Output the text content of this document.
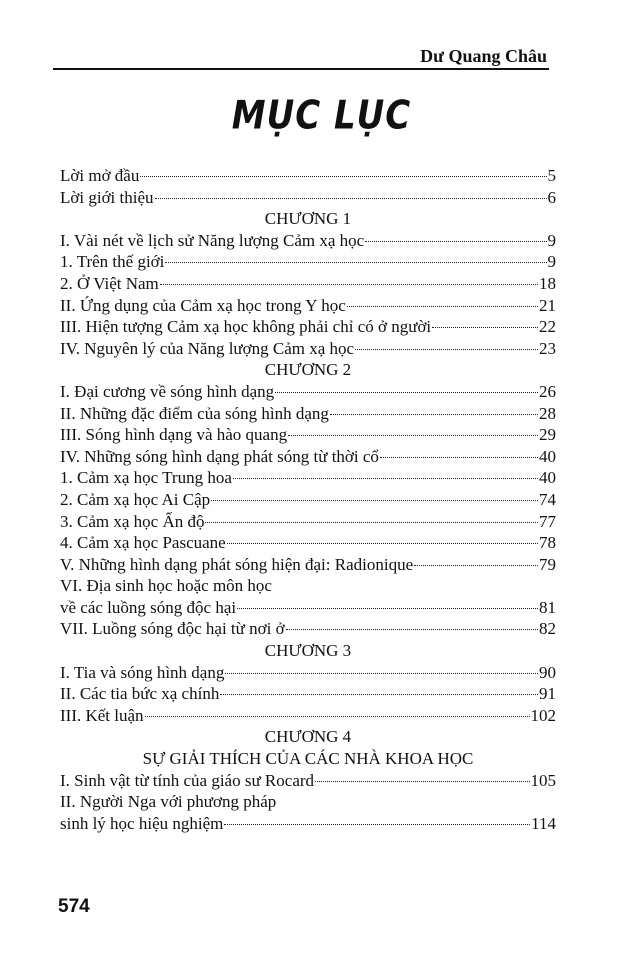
Dư Quang Châu
MỤC LỤC
Lời mở đầu	5
Lời giới thiệu	6
CHƯƠNG 1
I. Vài nét về lịch sử Năng lượng Cảm xạ học	9
1. Trên thế giới	9
2. Ở Việt Nam	18
II. Ứng dụng của Cảm xạ học trong Y học	21
III. Hiện tượng Cảm xạ học không phải chỉ có ở người	22
IV. Nguyên lý của Năng lượng Cảm xạ học	23
CHƯƠNG 2
I. Đại cương về sóng hình dạng	26
II. Những đặc điểm của sóng hình dạng	28
III. Sóng hình dạng và hào quang	29
IV. Những sóng hình dạng phát sóng từ thời cổ	40
1. Cảm xạ học Trung hoa	40
2. Cảm xạ học Ai Cập	74
3. Cảm xạ học Ấn độ	77
4. Cảm xạ học Pascuane	78
V. Những hình dạng phát sóng hiện đại: Radionique	79
VI. Địa sinh học hoặc môn học
về các luồng sóng độc hại	81
VII. Luồng sóng độc hại từ nơi ở	82
CHƯƠNG 3
I. Tia và sóng hình dạng	90
II. Các tia bức xạ chính	91
III. Kết luận	102
CHƯƠNG 4
SỰ GIẢI THÍCH CỦA CÁC NHÀ KHOA HỌC
I. Sinh vật từ tính của giáo sư Rocard	105
II. Người Nga với phương pháp
sinh lý học hiệu nghiệm	114
574
